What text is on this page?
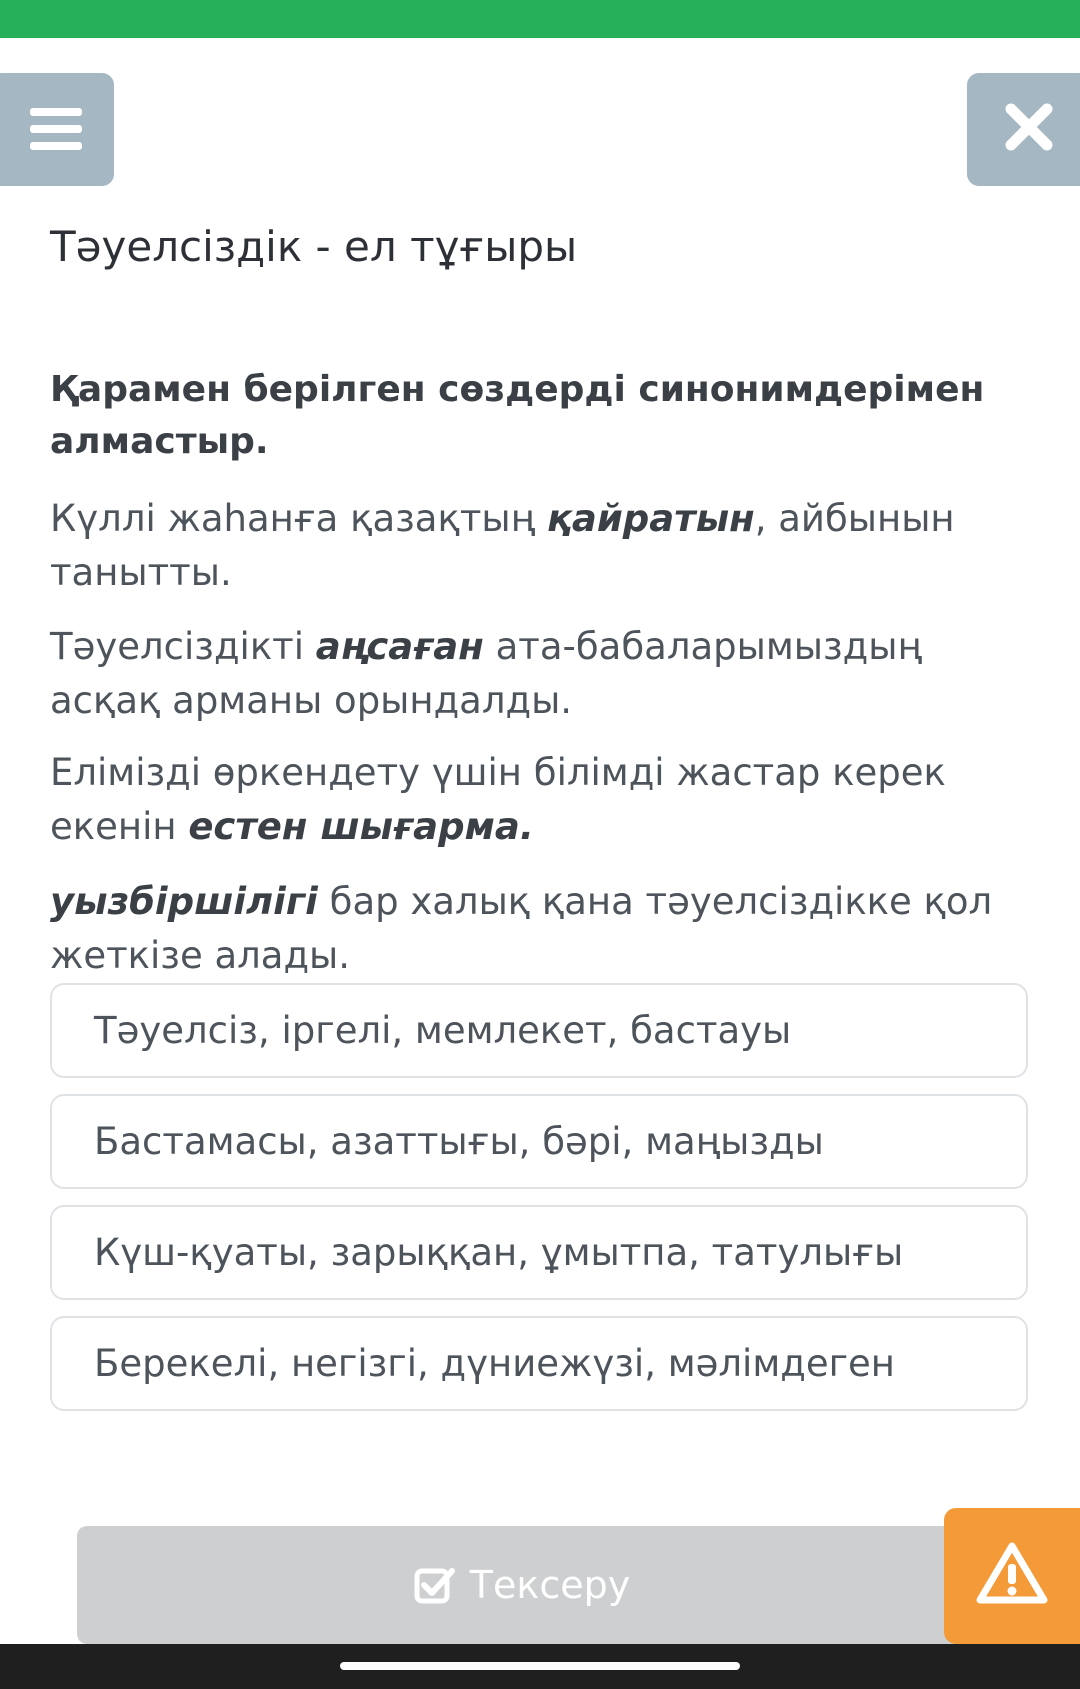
Тәуелсіздік - ел тұғыры

Қарамен берілген сөздерді синонимдерімен алмастыр.

Күллі жаһанға қазақтың қайратын, айбынын танытты.

Тәуелсіздікті аңсаған ата-бабаларымыздың асқақ арманы орындалды.

Елімізді өркендету үшін білімді жастар керек екенін естен шығарма.

уызбіршілігі бар халық қана тәуелсіздікке қол жеткізе алады.

Тәуелсіз, іргелі, мемлекет, бастауы
Бастамасы, азаттығы, бәрі, маңызды
Күш-қуаты, зарыққан, ұмытпа, татулығы
Берекелі, негізгі, дүниежүзі, мәлімдеген
Тексеру
